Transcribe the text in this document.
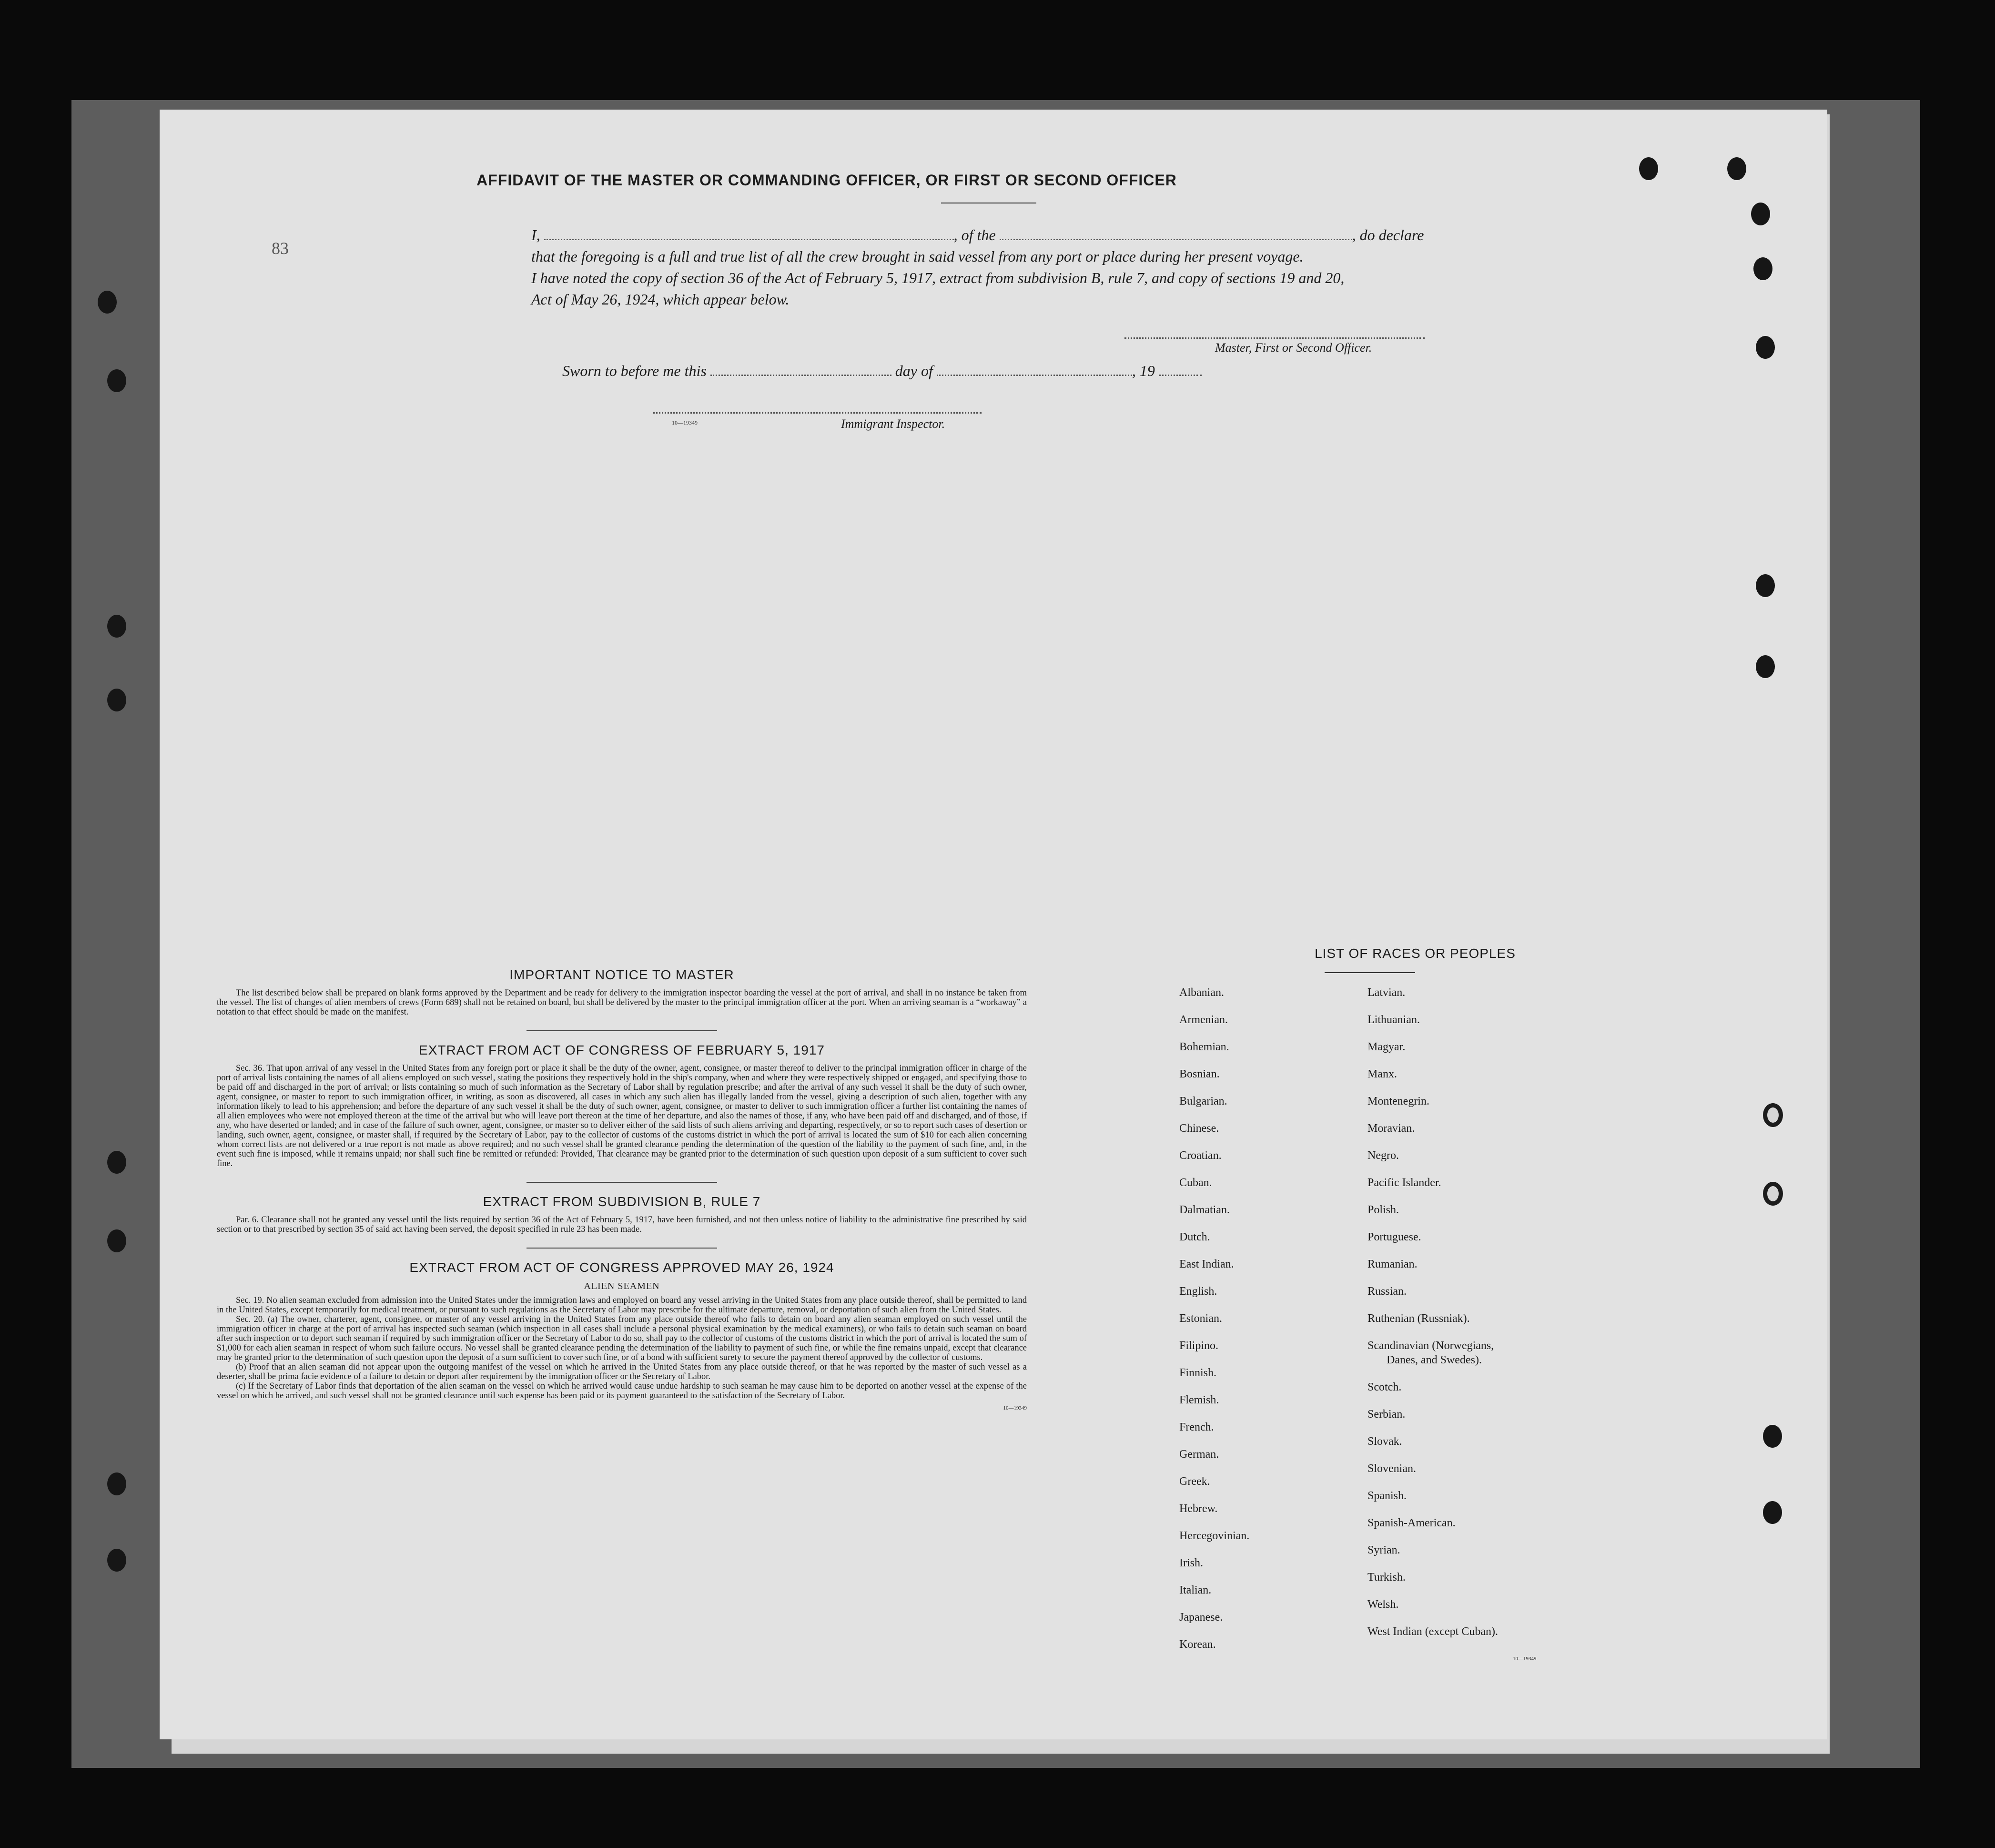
83
AFFIDAVIT OF THE MASTER OR COMMANDING OFFICER, OR FIRST OR SECOND OFFICER
I,	, of the	, do declare
that the foregoing is a full and true list of all the crew brought in said vessel from any port or place during her present voyage.
I have noted the copy of section 36 of the Act of February 5, 1917, extract from subdivision B, rule 7, and copy of sections 19 and 20,
Act of May 26, 1924, which appear below.
Master, First or Second Officer.
Sworn to before me this	day of	, 19
10—19349	Immigrant Inspector.
IMPORTANT NOTICE TO MASTER

The list described below shall be prepared on blank forms approved by the Department and be ready for delivery to the immigration inspector boarding the vessel at the port of arrival, and shall in no instance be taken from the vessel. The list of changes of alien members of crews (Form 689) shall not be retained on board, but shall be delivered by the master to the principal immigration officer at the port. When an arriving seaman is a “workaway” a notation to that effect should be made on the manifest.

EXTRACT FROM ACT OF CONGRESS OF FEBRUARY 5, 1917

Sec. 36. That upon arrival of any vessel in the United States from any foreign port or place it shall be the duty of the owner, agent, consignee, or master thereof to deliver to the principal immigration officer in charge of the port of arrival lists containing the names of all aliens employed on such vessel, stating the positions they respectively hold in the ship's company, when and where they were respectively shipped or engaged, and specifying those to be paid off and discharged in the port of arrival; or lists containing so much of such information as the Secretary of Labor shall by regulation prescribe; and after the arrival of any such vessel it shall be the duty of such owner, agent, consignee, or master to report to such immigration officer, in writing, as soon as discovered, all cases in which any such alien has illegally landed from the vessel, giving a description of such alien, together with any information likely to lead to his apprehension; and before the departure of any such vessel it shall be the duty of such owner, agent, consignee, or master to deliver to such immigration officer a further list containing the names of all alien employees who were not employed thereon at the time of the arrival but who will leave port thereon at the time of her departure, and also the names of those, if any, who have been paid off and discharged, and of those, if any, who have deserted or landed; and in case of the failure of such owner, agent, consignee, or master so to deliver either of the said lists of such aliens arriving and departing, respectively, or so to report such cases of desertion or landing, such owner, agent, consignee, or master shall, if required by the Secretary of Labor, pay to the collector of customs of the customs district in which the port of arrival is located the sum of $10 for each alien concerning whom correct lists are not delivered or a true report is not made as above required; and no such vessel shall be granted clearance pending the determination of the question of the liability to the payment of such fine, and, in the event such fine is imposed, while it remains unpaid; nor shall such fine be remitted or refunded: Provided, That clearance may be granted prior to the determination of such question upon deposit of a sum sufficient to cover such fine.

EXTRACT FROM SUBDIVISION B, RULE 7

Par. 6. Clearance shall not be granted any vessel until the lists required by section 36 of the Act of February 5, 1917, have been furnished, and not then unless notice of liability to the administrative fine prescribed by said section or to that prescribed by section 35 of said act having been served, the deposit specified in rule 23 has been made.

EXTRACT FROM ACT OF CONGRESS APPROVED MAY 26, 1924
ALIEN SEAMEN

Sec. 19. No alien seaman excluded from admission into the United States under the immigration laws and employed on board any vessel arriving in the United States from any place outside thereof, shall be permitted to land in the United States, except temporarily for medical treatment, or pursuant to such regulations as the Secretary of Labor may prescribe for the ultimate departure, removal, or deportation of such alien from the United States.

Sec. 20. (a) The owner, charterer, agent, consignee, or master of any vessel arriving in the United States from any place outside thereof who fails to detain on board any alien seaman employed on such vessel until the immigration officer in charge at the port of arrival has inspected such seaman (which inspection in all cases shall include a personal physical examination by the medical examiners), or who fails to detain such seaman on board after such inspection or to deport such seaman if required by such immigration officer or the Secretary of Labor to do so, shall pay to the collector of customs of the customs district in which the port of arrival is located the sum of $1,000 for each alien seaman in respect of whom such failure occurs. No vessel shall be granted clearance pending the determination of the liability to payment of such fine, or while the fine remains unpaid, except that clearance may be granted prior to the determination of such question upon the deposit of a sum sufficient to cover such fine, or of a bond with sufficient surety to secure the payment thereof approved by the collector of customs.

(b) Proof that an alien seaman did not appear upon the outgoing manifest of the vessel on which he arrived in the United States from any place outside thereof, or that he was reported by the master of such vessel as a deserter, shall be prima facie evidence of a failure to detain or deport after requirement by the immigration officer or the Secretary of Labor.

(c) If the Secretary of Labor finds that deportation of the alien seaman on the vessel on which he arrived would cause undue hardship to such seaman he may cause him to be deported on another vessel at the expense of the vessel on which he arrived, and such vessel shall not be granted clearance until such expense has been paid or its payment guaranteed to the satisfaction of the Secretary of Labor.

10—19349

LIST OF RACES OR PEOPLES
Albanian.
Armenian.
Bohemian.
Bosnian.
Bulgarian.
Chinese.
Croatian.
Cuban.
Dalmatian.
Dutch.
East Indian.
English.
Estonian.
Filipino.
Finnish.
Flemish.
French.
German.
Greek.
Hebrew.
Hercegovinian.
Irish.
Italian.
Japanese.
Korean.
Latvian.
Lithuanian.
Magyar.
Manx.
Montenegrin.
Moravian.
Negro.
Pacific Islander.
Polish.
Portuguese.
Rumanian.
Russian.
Ruthenian (Russniak).
Scandinavian (Norwegians,
Danes, and Swedes).
Scotch.
Serbian.
Slovak.
Slovenian.
Spanish.
Spanish-American.
Syrian.
Turkish.
Welsh.
West Indian (except Cuban).
10—19349
